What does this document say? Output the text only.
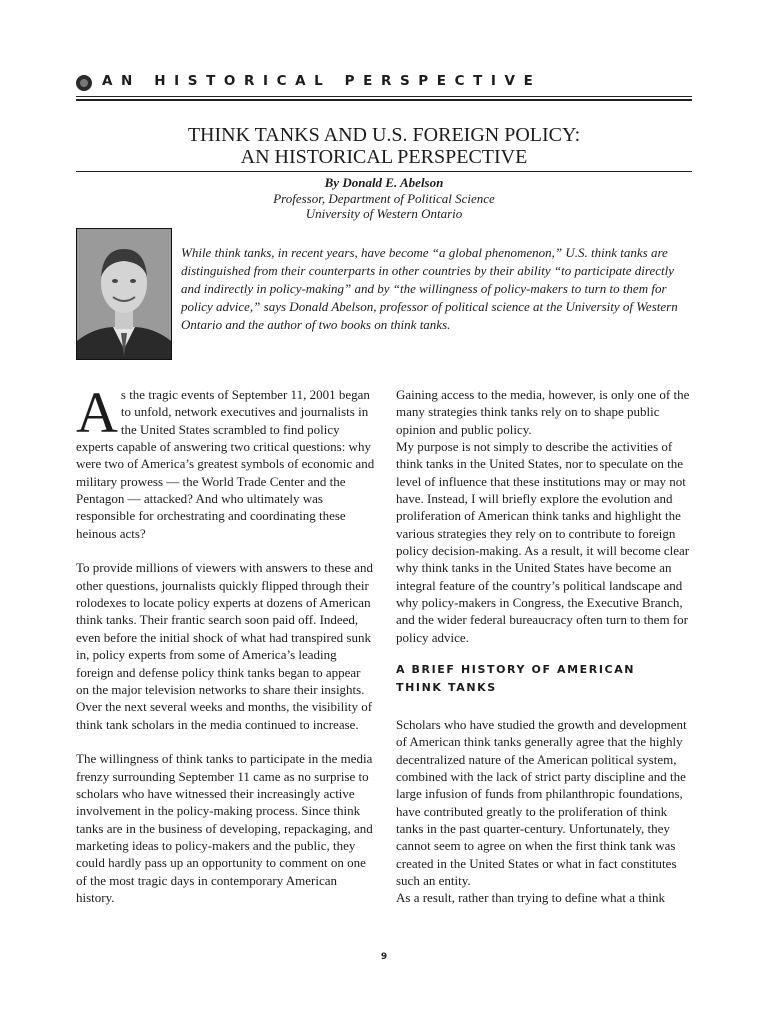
AN HISTORICAL PERSPECTIVE
THINK TANKS AND U.S. FOREIGN POLICY:
AN HISTORICAL PERSPECTIVE
By Donald E. Abelson
Professor, Department of Political Science
University of Western Ontario
While think tanks, in recent years, have become “a global phenomenon,” U.S. think tanks are distinguished from their counterparts in other countries by their ability “to participate directly and indirectly in policy-making” and by “the willingness of policy-makers to turn to them for policy advice,” says Donald Abelson, professor of political science at the University of Western Ontario and the author of two books on think tanks.

As the tragic events of September 11, 2001 began to unfold, network executives and journalists in the United States scrambled to find policy experts capable of answering two critical questions: why were two of America’s greatest symbols of economic and military prowess — the World Trade Center and the Pentagon — attacked? And who ultimately was responsible for orchestrating and coordinating these heinous acts?

To provide millions of viewers with answers to these and other questions, journalists quickly flipped through their rolodexes to locate policy experts at dozens of American think tanks. Their frantic search soon paid off. Indeed, even before the initial shock of what had transpired sunk in, policy experts from some of America’s leading foreign and defense policy think tanks began to appear on the major television networks to share their insights. Over the next several weeks and months, the visibility of think tank scholars in the media continued to increase.

The willingness of think tanks to participate in the media frenzy surrounding September 11 came as no surprise to scholars who have witnessed their increasingly active involvement in the policy-making process. Since think tanks are in the business of developing, repackaging, and marketing ideas to policy-makers and the public, they could hardly pass up an opportunity to comment on one of the most tragic days in contemporary American history.

Gaining access to the media, however, is only one of the many strategies think tanks rely on to shape public opinion and public policy.

My purpose is not simply to describe the activities of think tanks in the United States, nor to speculate on the level of influence that these institutions may or may not have. Instead, I will briefly explore the evolution and proliferation of American think tanks and highlight the various strategies they rely on to contribute to foreign policy decision-making. As a result, it will become clear why think tanks in the United States have become an integral feature of the country’s political landscape and why policy-makers in Congress, the Executive Branch, and the wider federal bureaucracy often turn to them for policy advice.

A BRIEF HISTORY OF AMERICAN
THINK TANKS

Scholars who have studied the growth and development of American think tanks generally agree that the highly decentralized nature of the American political system, combined with the lack of strict party discipline and the large infusion of funds from philanthropic foundations, have contributed greatly to the proliferation of think tanks in the past quarter-century. Unfortunately, they cannot seem to agree on when the first think tank was created in the United States or what in fact constitutes such an entity.

As a result, rather than trying to define what a think

9
